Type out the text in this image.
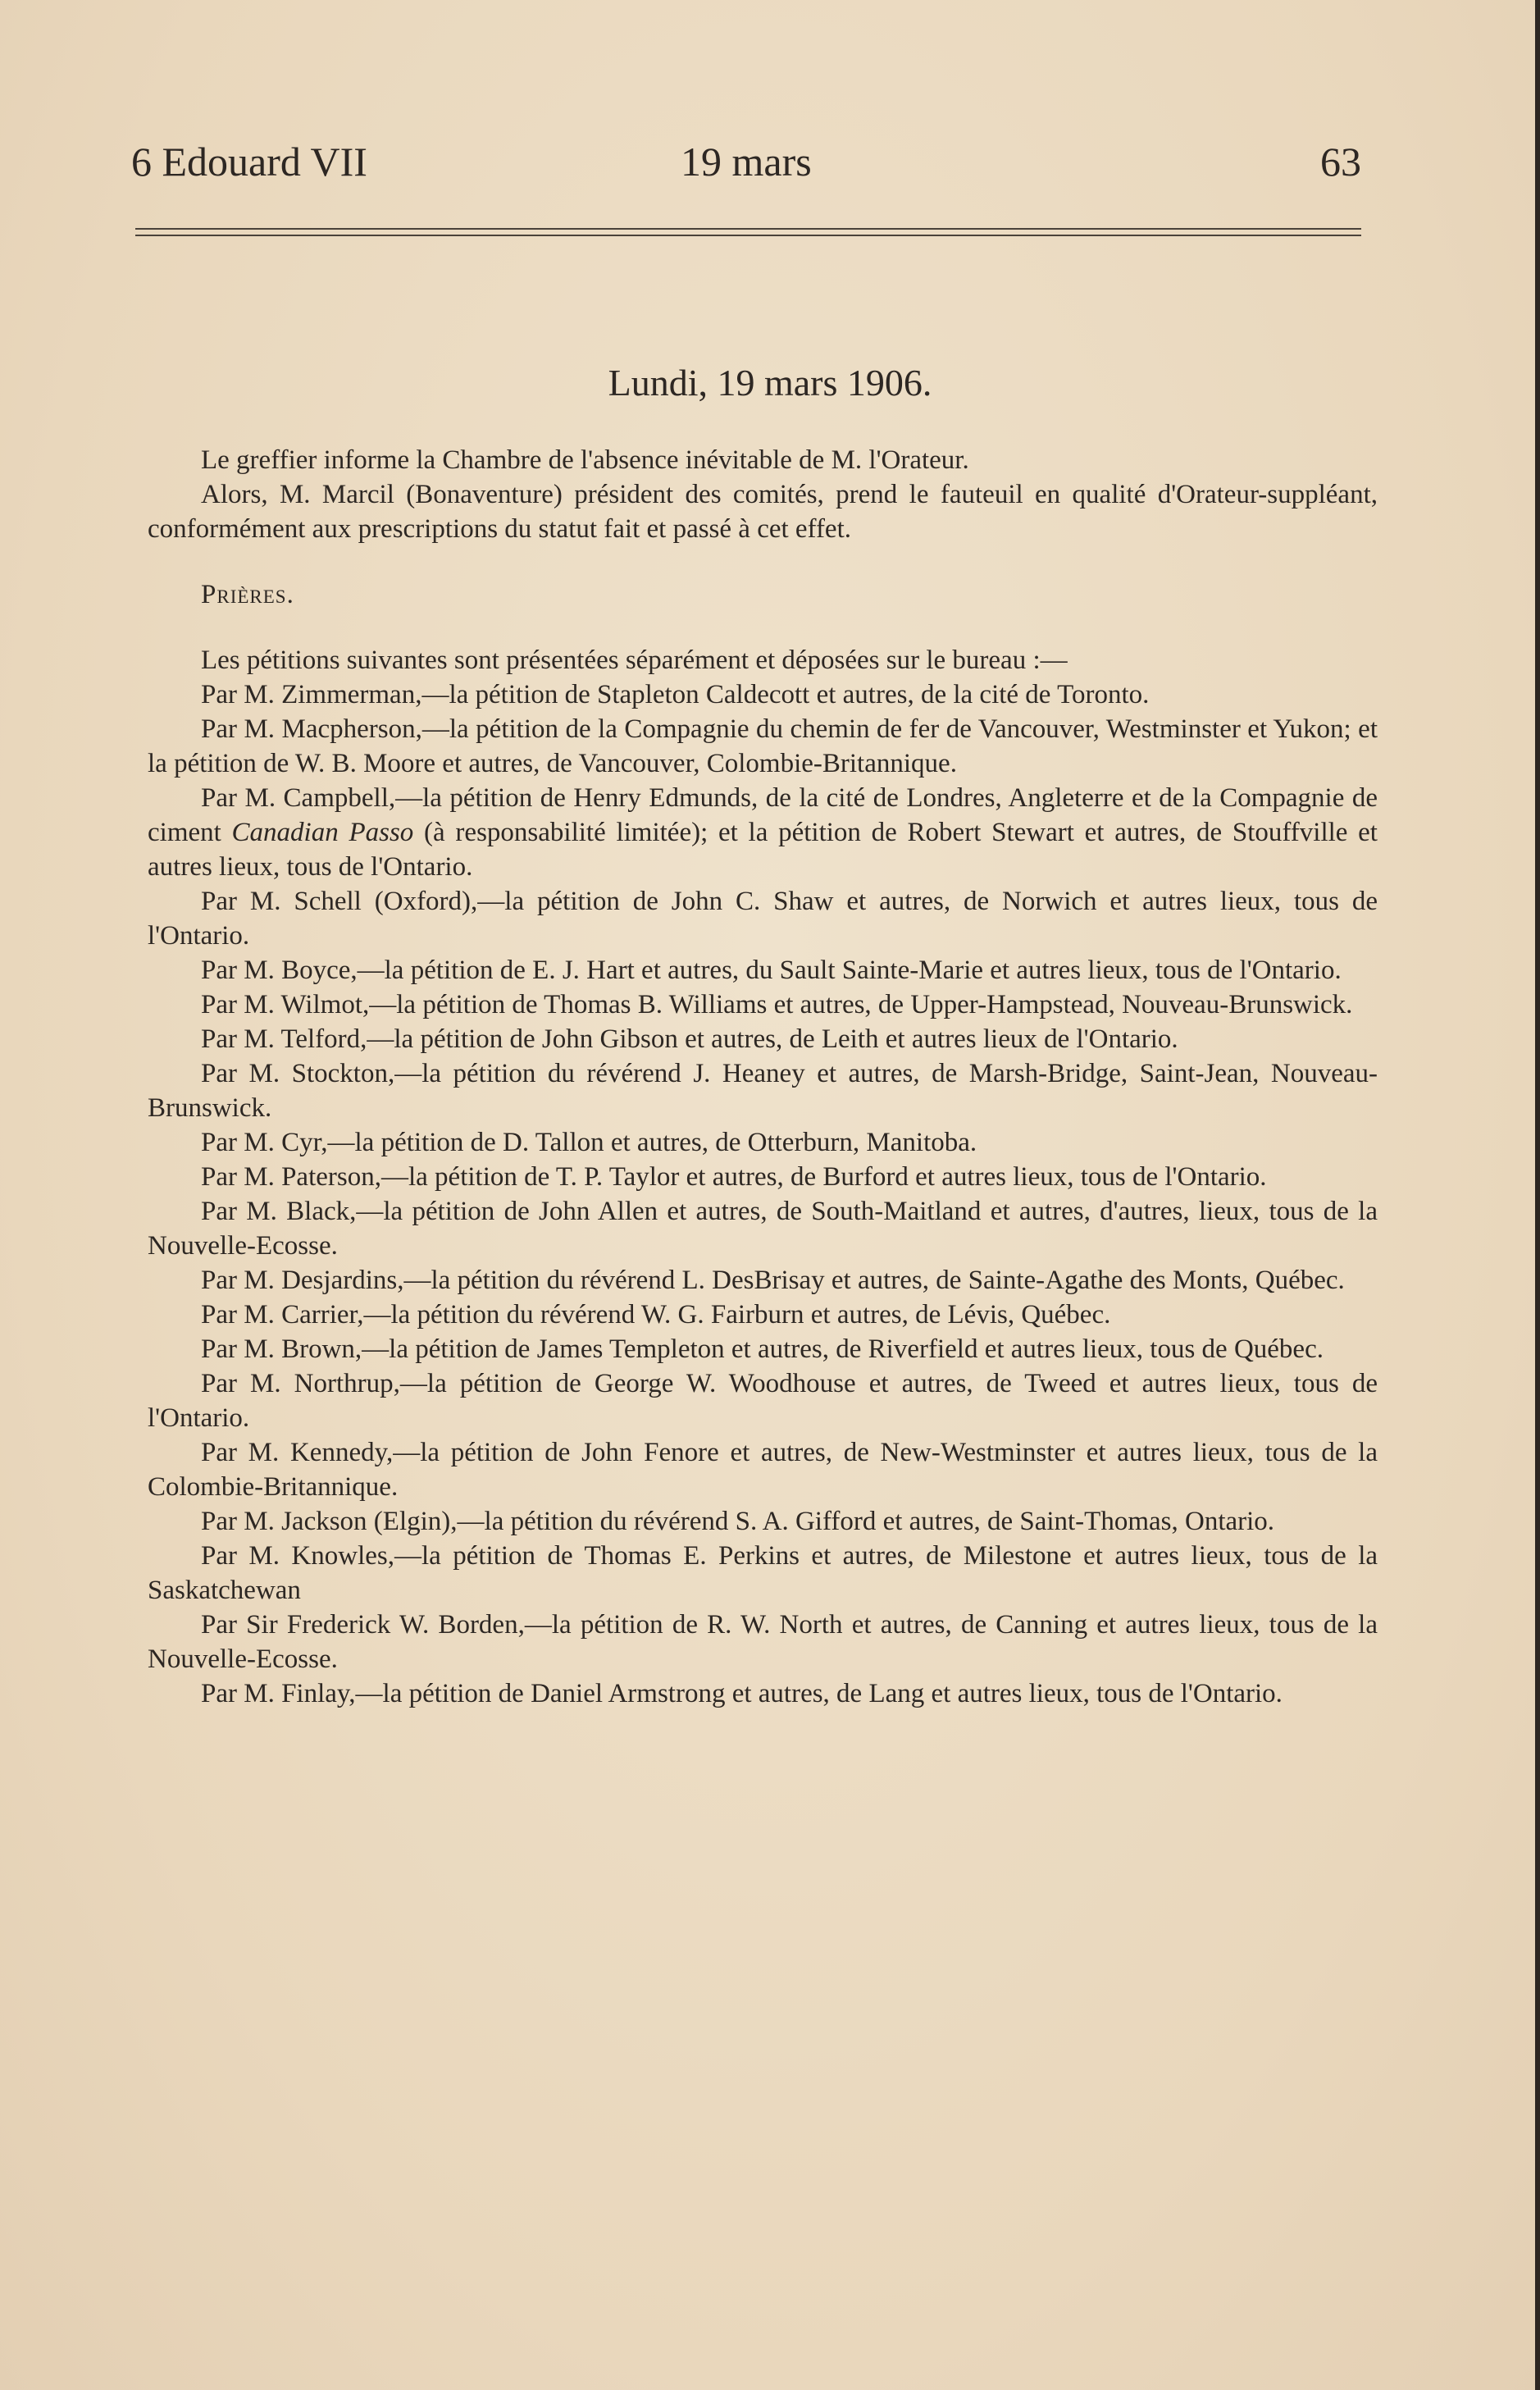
6 Edouard VII	19 mars	63
Lundi, 19 mars 1906.

Le greffier informe la Chambre de l'absence inévitable de M. l'Orateur.

Alors, M. Marcil (Bonaventure) président des comités, prend le fauteuil en qualité d'Orateur-suppléant, conformément aux prescriptions du statut fait et passé à cet effet.

Prières.

Les pétitions suivantes sont présentées séparément et déposées sur le bureau :—

Par M. Zimmerman,—la pétition de Stapleton Caldecott et autres, de la cité de Toronto.

Par M. Macpherson,—la pétition de la Compagnie du chemin de fer de Vancouver, Westminster et Yukon; et la pétition de W. B. Moore et autres, de Vancouver, Colombie-Britannique.

Par M. Campbell,—la pétition de Henry Edmunds, de la cité de Londres, Angleterre et de la Compagnie de ciment Canadian Passo (à responsabilité limitée); et la pétition de Robert Stewart et autres, de Stouffville et autres lieux, tous de l'Ontario.

Par M. Schell (Oxford),—la pétition de John C. Shaw et autres, de Norwich et autres lieux, tous de l'Ontario.

Par M. Boyce,—la pétition de E. J. Hart et autres, du Sault Sainte-Marie et autres lieux, tous de l'Ontario.

Par M. Wilmot,—la pétition de Thomas B. Williams et autres, de Upper-Hampstead, Nouveau-Brunswick.

Par M. Telford,—la pétition de John Gibson et autres, de Leith et autres lieux de l'Ontario.

Par M. Stockton,—la pétition du révérend J. Heaney et autres, de Marsh-Bridge, Saint-Jean, Nouveau-Brunswick.

Par M. Cyr,—la pétition de D. Tallon et autres, de Otterburn, Manitoba.

Par M. Paterson,—la pétition de T. P. Taylor et autres, de Burford et autres lieux, tous de l'Ontario.

Par M. Black,—la pétition de John Allen et autres, de South-Maitland et autres, d'autres, lieux, tous de la Nouvelle-Ecosse.

Par M. Desjardins,—la pétition du révérend L. DesBrisay et autres, de Sainte-Agathe des Monts, Québec.

Par M. Carrier,—la pétition du révérend W. G. Fairburn et autres, de Lévis, Québec.

Par M. Brown,—la pétition de James Templeton et autres, de Riverfield et autres lieux, tous de Québec.

Par M. Northrup,—la pétition de George W. Woodhouse et autres, de Tweed et autres lieux, tous de l'Ontario.

Par M. Kennedy,—la pétition de John Fenore et autres, de New-Westminster et autres lieux, tous de la Colombie-Britannique.

Par M. Jackson (Elgin),—la pétition du révérend S. A. Gifford et autres, de Saint-Thomas, Ontario.

Par M. Knowles,—la pétition de Thomas E. Perkins et autres, de Milestone et autres lieux, tous de la Saskatchewan

Par Sir Frederick W. Borden,—la pétition de R. W. North et autres, de Canning et autres lieux, tous de la Nouvelle-Ecosse.

Par M. Finlay,—la pétition de Daniel Armstrong et autres, de Lang et autres lieux, tous de l'Ontario.
